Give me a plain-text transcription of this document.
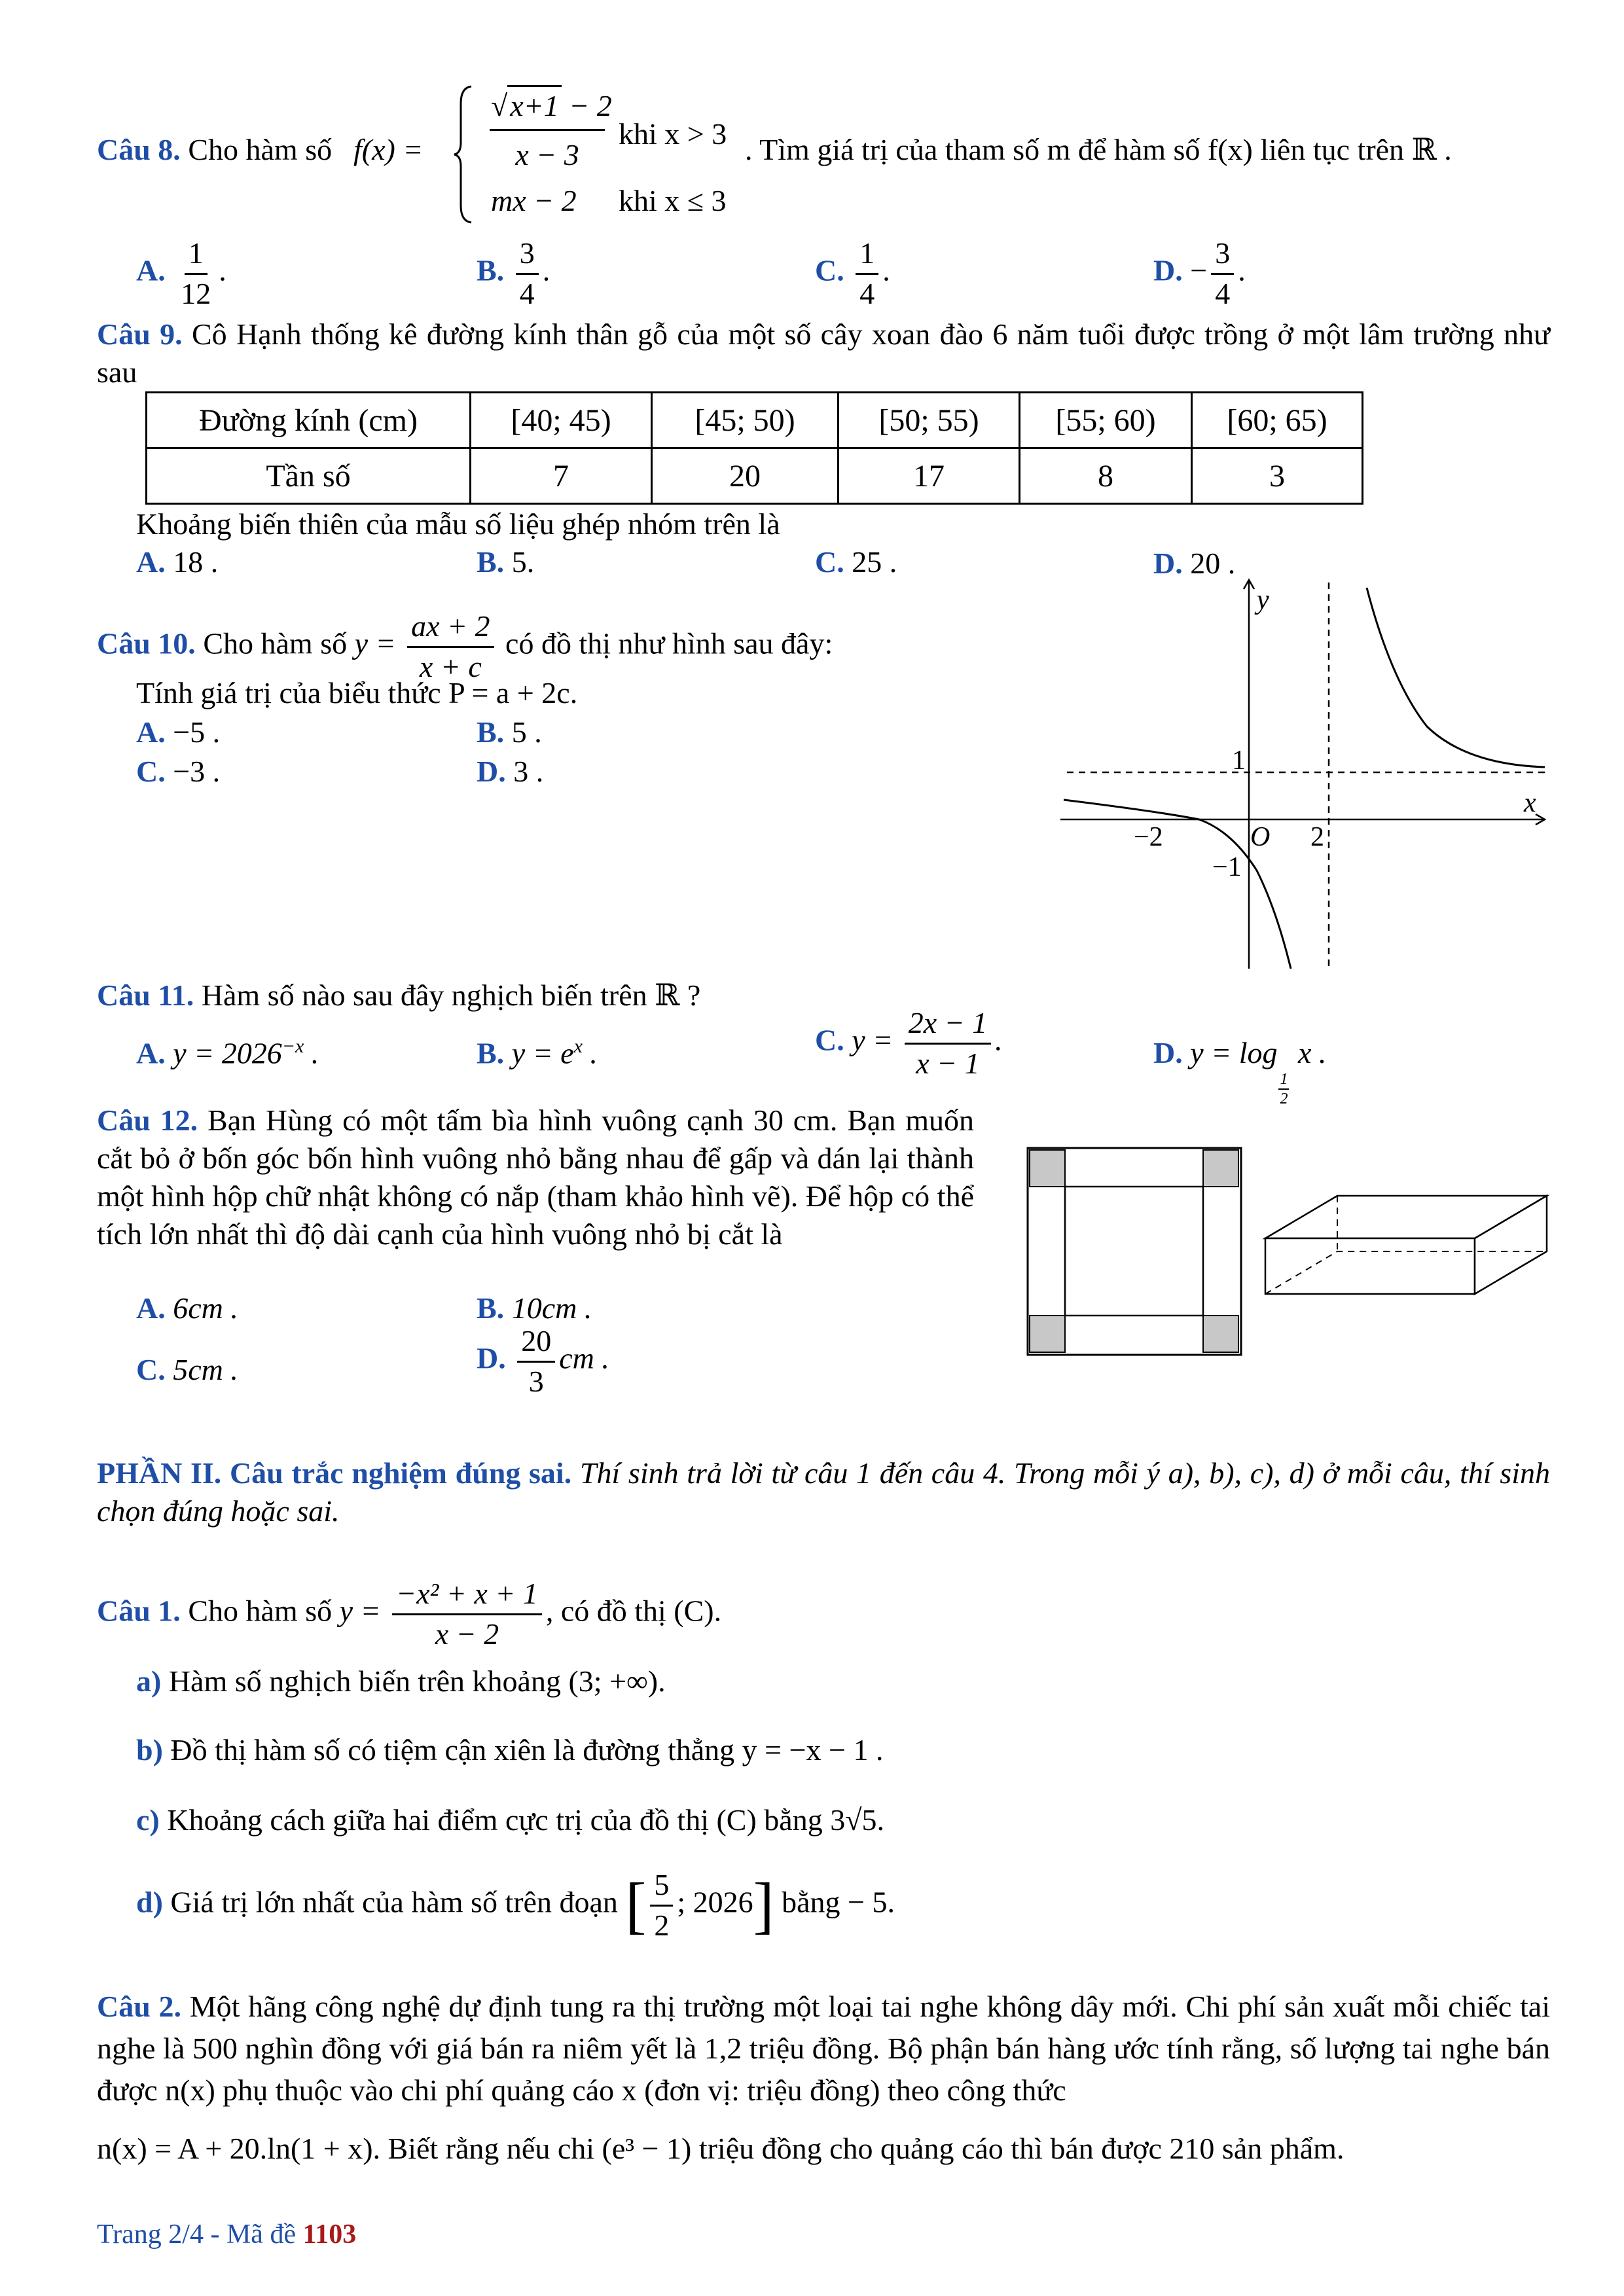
Câu 8. Cho hàm số f(x) =
√x+1 − 2
x − 3
khi x > 3
mx − 2 khi x ≤ 3
. Tìm giá trị của tham số m để hàm số f(x) liên tục trên ℝ .
A. $\frac{1}{12}$ .	B. $\frac{3}{4}$ .	C. $\frac{1}{4}$ .	D. − $\frac{3}{4}$ .
Câu 9. Cô Hạnh thống kê đường kính thân gỗ của một số cây xoan đào 6 năm tuổi được trồng ở một lâm trường như sau
Đường kính (cm)	[40; 45)	[45; 50)	[50; 55)	[55; 60)	[60; 65)
Tần số	7	20	17	8	3
Khoảng biến thiên của mẫu số liệu ghép nhóm trên là
A. 18 .	B. 5.	C. 25 .	D. 20 .
Câu 10. Cho hàm số $y = \frac{ax + 2}{x + c}$ có đồ thị như hình sau đây:
Tính giá trị của biểu thức P = a + 2c.
A. −5 .	B. 5 .
C. −3 .	D. 3 .
y
x
1
−2	O 2
−1
Câu 11. Hàm số nào sau đây nghịch biến trên ℝ ?
A. $y = 2026^{-x}$ .	B. $y = e^x$ .	C. $y = \frac{2x - 1}{x - 1}$ .	D. y = log
$\frac{1}{2}$
x .
Câu 12. Bạn Hùng có một tấm bìa hình vuông cạnh 30 cm. Bạn muốn cắt bỏ ở bốn góc bốn hình vuông nhỏ bằng nhau để gấp và dán lại thành một hình hộp chữ nhật không có nắp (tham khảo hình vẽ). Để hộp có thể tích lớn nhất thì độ dài cạnh của hình vuông nhỏ bị cắt là
A. 6cm .	B. 10cm .
C. 5cm .	D. $\frac{20}{3}$ cm .
PHẦN II. Câu trắc nghiệm đúng sai. Thí sinh trả lời từ câu 1 đến câu 4. Trong mỗi ý a), b), c), d) ở mỗi câu, thí sinh chọn đúng hoặc sai.
Câu 1. Cho hàm số $y = \frac{\text{−x² + x + 1}}{x - 2}$ , có đồ thị (C).
a) Hàm số nghịch biến trên khoảng (3; +∞).
b) Đồ thị hàm số có tiệm cận xiên là đường thẳng y = −x − 1 .
c) Khoảng cách giữa hai điểm cực trị của đồ thị (C) bằng 3√5.
d) Giá trị lớn nhất của hàm số trên đoạn [ $\frac{5}{2}$ ; 2026] bằng − 5.
Câu 2. Một hãng công nghệ dự định tung ra thị trường một loại tai nghe không dây mới. Chi phí sản xuất mỗi chiếc tai nghe là 500 nghìn đồng với giá bán ra niêm yết là 1,2 triệu đồng. Bộ phận bán hàng ước tính rằng, số lượng tai nghe bán được n(x) phụ thuộc vào chi phí quảng cáo x (đơn vị: triệu đồng) theo công thức
n(x) = A + 20.ln(1 + x). Biết rằng nếu chi (e³ − 1) triệu đồng cho quảng cáo thì bán được 210 sản phẩm.
Trang 2/4 - Mã đề 1103
